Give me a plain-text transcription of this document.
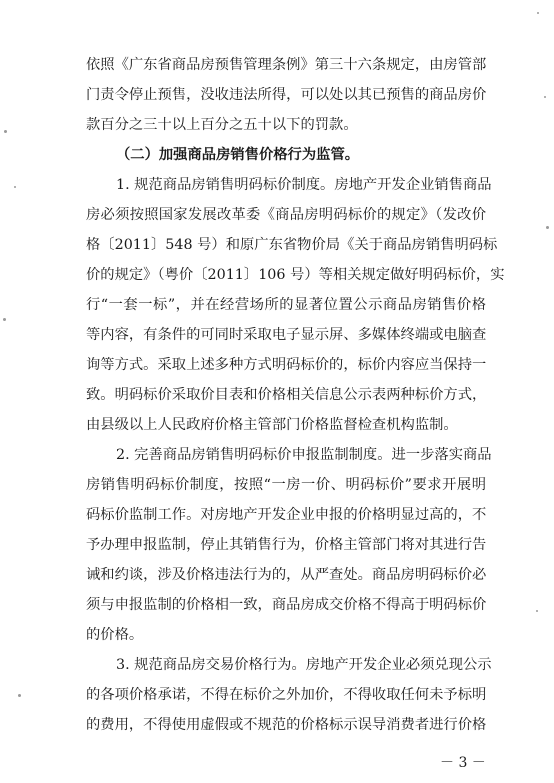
依照《广东省商品房预售管理条例》第三十六条规定，由房管部
门责令停止预售，没收违法所得，可以处以其已预售的商品房价
款百分之三十以上百分之五十以下的罚款。
（二）加强商品房销售价格行为监管。
1. 规范商品房销售明码标价制度。房地产开发企业销售商品
房必须按照国家发展改革委《商品房明码标价的规定》（发改价
格〔2011〕548 号）和原广东省物价局《关于商品房销售明码标
价的规定》（粤价〔2011〕106 号）等相关规定做好明码标价，实
行“一套一标”，并在经营场所的显著位置公示商品房销售价格
等内容，有条件的可同时采取电子显示屏、多媒体终端或电脑查
询等方式。采取上述多种方式明码标价的，标价内容应当保持一
致。明码标价采取价目表和价格相关信息公示表两种标价方式，
由县级以上人民政府价格主管部门价格监督检查机构监制。
2. 完善商品房销售明码标价申报监制制度。进一步落实商品
房销售明码标价制度，按照“一房一价、明码标价”要求开展明
码标价监制工作。对房地产开发企业申报的价格明显过高的，不
予办理申报监制，停止其销售行为，价格主管部门将对其进行告
诫和约谈，涉及价格违法行为的，从严查处。商品房明码标价必
须与申报监制的价格相一致，商品房成交价格不得高于明码标价
的价格。
3. 规范商品房交易价格行为。房地产开发企业必须兑现公示
的各项价格承诺，不得在标价之外加价，不得收取任何未予标明
的费用，不得使用虚假或不规范的价格标示误导消费者进行价格
－ 3 －
